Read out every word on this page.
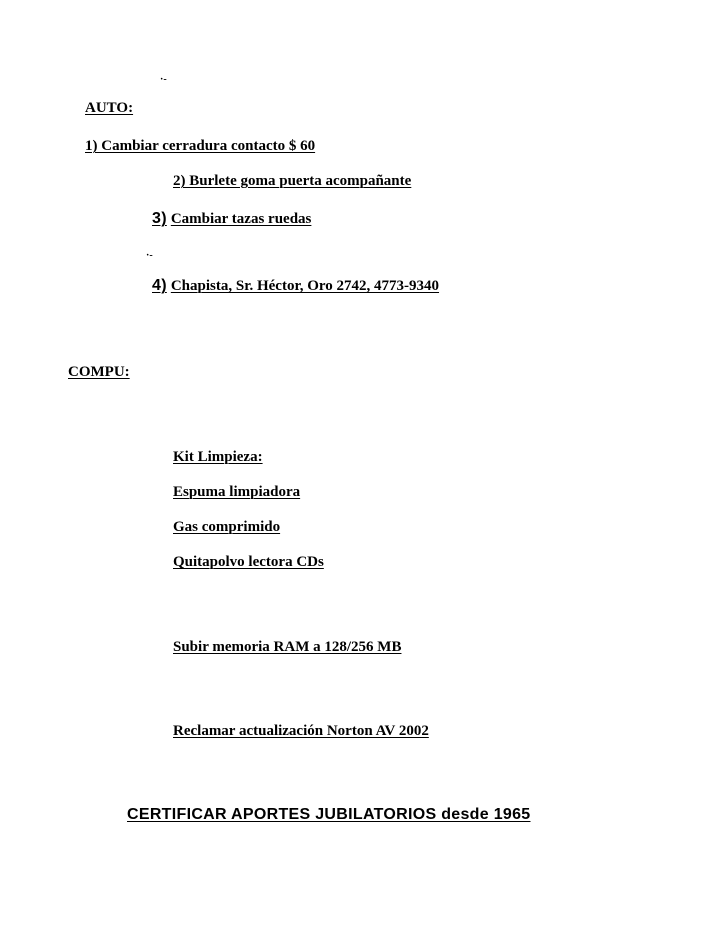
·‐
·‐
AUTO:
1) Cambiar cerradura contacto $ 60
2) Burlete goma puerta acompañante
3) Cambiar tazas ruedas
4) Chapista, Sr. Héctor, Oro 2742, 4773-9340
COMPU:
Kit Limpieza:
Espuma limpiadora
Gas comprimido
Quitapolvo lectora CDs
Subir memoria RAM a 128/256 MB
Reclamar actualización Norton AV 2002
CERTIFICAR APORTES JUBILATORIOS desde 1965
